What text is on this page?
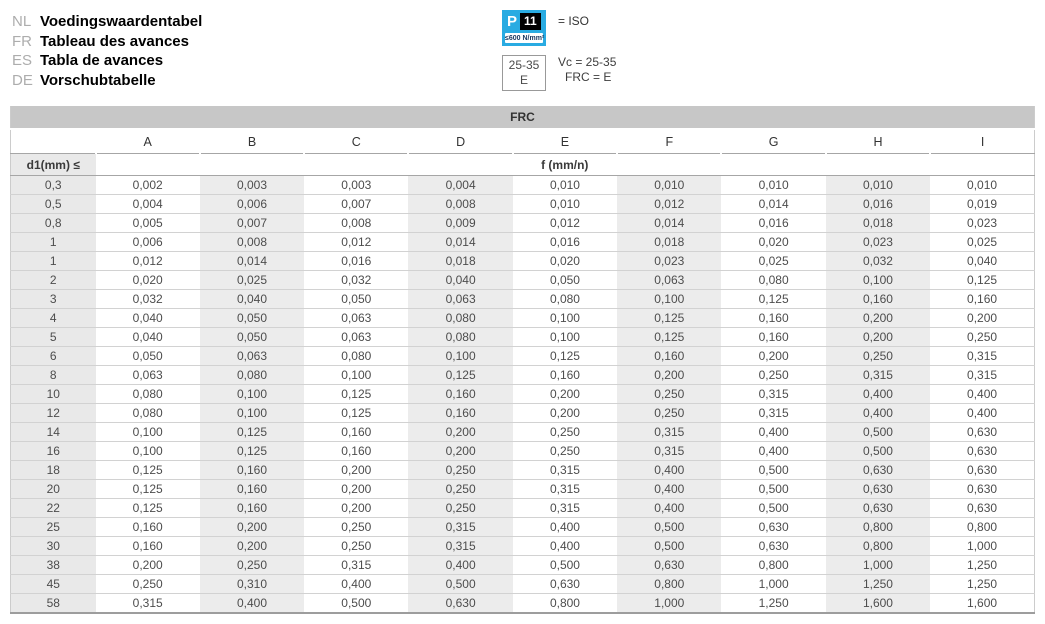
NL Voedingswaardentabel
FR Tableau des avances
ES Tabla de avances
DE Vorschubtabelle
P 11
≤600 N/mm²
= ISO
25-35
E
Vc = 25-35
FRC = E
FRC									
	A	B	C	D	E	F	G	H	I
d1(mm) ≤	f (mm/n)								
0,3	0,002	0,003	0,003	0,004	0,010	0,010	0,010	0,010	0,010
0,5	0,004	0,006	0,007	0,008	0,010	0,012	0,014	0,016	0,019
0,8	0,005	0,007	0,008	0,009	0,012	0,014	0,016	0,018	0,023
1	0,006	0,008	0,012	0,014	0,016	0,018	0,020	0,023	0,025
1	0,012	0,014	0,016	0,018	0,020	0,023	0,025	0,032	0,040
2	0,020	0,025	0,032	0,040	0,050	0,063	0,080	0,100	0,125
3	0,032	0,040	0,050	0,063	0,080	0,100	0,125	0,160	0,160
4	0,040	0,050	0,063	0,080	0,100	0,125	0,160	0,200	0,200
5	0,040	0,050	0,063	0,080	0,100	0,125	0,160	0,200	0,250
6	0,050	0,063	0,080	0,100	0,125	0,160	0,200	0,250	0,315
8	0,063	0,080	0,100	0,125	0,160	0,200	0,250	0,315	0,315
10	0,080	0,100	0,125	0,160	0,200	0,250	0,315	0,400	0,400
12	0,080	0,100	0,125	0,160	0,200	0,250	0,315	0,400	0,400
14	0,100	0,125	0,160	0,200	0,250	0,315	0,400	0,500	0,630
16	0,100	0,125	0,160	0,200	0,250	0,315	0,400	0,500	0,630
18	0,125	0,160	0,200	0,250	0,315	0,400	0,500	0,630	0,630
20	0,125	0,160	0,200	0,250	0,315	0,400	0,500	0,630	0,630
22	0,125	0,160	0,200	0,250	0,315	0,400	0,500	0,630	0,630
25	0,160	0,200	0,250	0,315	0,400	0,500	0,630	0,800	0,800
30	0,160	0,200	0,250	0,315	0,400	0,500	0,630	0,800	1,000
38	0,200	0,250	0,315	0,400	0,500	0,630	0,800	1,000	1,250
45	0,250	0,310	0,400	0,500	0,630	0,800	1,000	1,250	1,250
58	0,315	0,400	0,500	0,630	0,800	1,000	1,250	1,600	1,600
